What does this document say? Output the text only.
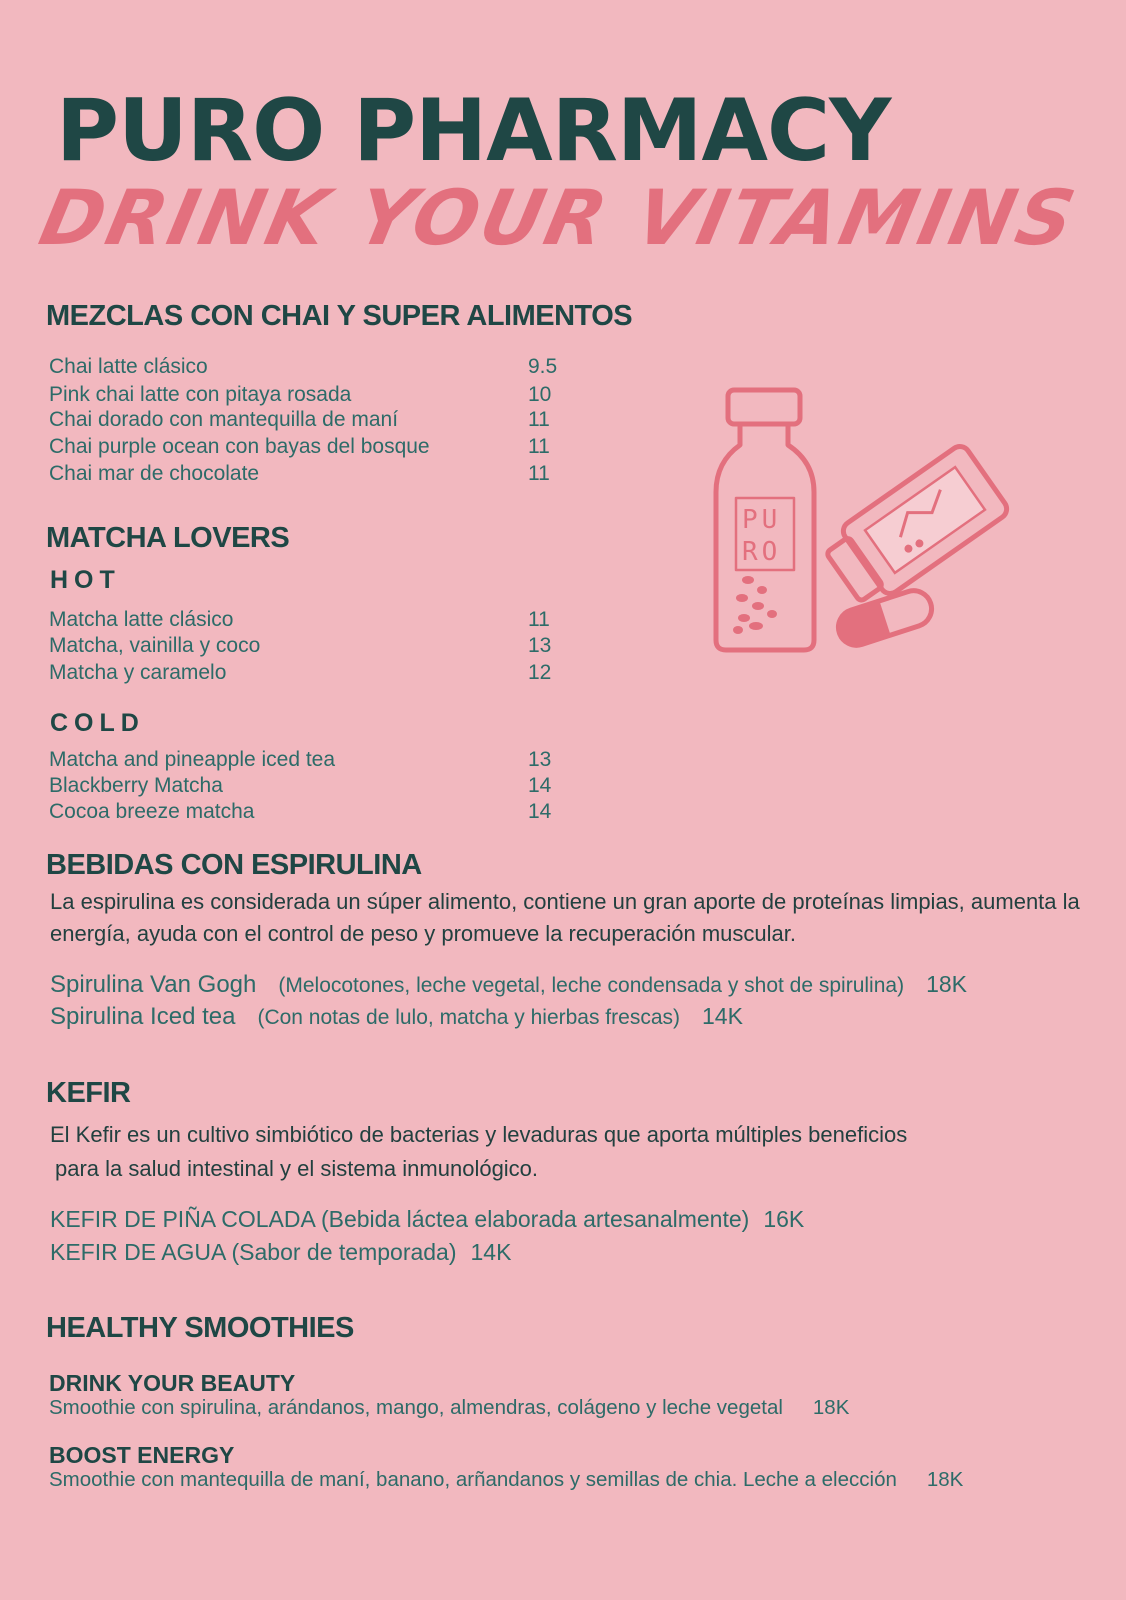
PURO PHARMACY
DRINK YOUR VITAMINS
MEZCLAS CON CHAI Y SUPER ALIMENTOS
Chai latte clásico	9.5
Pink chai latte con pitaya rosada	10
Chai dorado con mantequilla de maní	11
Chai purple ocean con bayas del bosque	11
Chai mar de chocolate	11
MATCHA LOVERS
HOT
Matcha latte clásico	11
Matcha, vainilla y coco	13
Matcha y caramelo	12
COLD
Matcha and pineapple iced tea	13
Blackberry Matcha	14
Cocoa breeze matcha	14
PU
RO
BEBIDAS CON ESPIRULINA
La espirulina es considerada un súper alimento, contiene un gran aporte de proteínas limpias, aumenta la energía, ayuda con el control de peso y promueve la recuperación muscular.
Spirulina Van Gogh (Melocotones, leche vegetal, leche condensada y shot de spirulina) 18K
Spirulina Iced tea (Con notas de lulo, matcha y hierbas frescas) 14K
KEFIR
El Kefir es un cultivo simbiótico de bacterias y levaduras que aporta múltiples beneficios
para la salud intestinal y el sistema inmunológico.
KEFIR DE PIÑA COLADA (Bebida láctea elaborada artesanalmente) 16K
KEFIR DE AGUA (Sabor de temporada) 14K
HEALTHY SMOOTHIES
DRINK YOUR BEAUTY
Smoothie con spirulina, arándanos, mango, almendras, colágeno y leche vegetal 18K
BOOST ENERGY
Smoothie con mantequilla de maní, banano, arñandanos y semillas de chia. Leche a elección 18K
